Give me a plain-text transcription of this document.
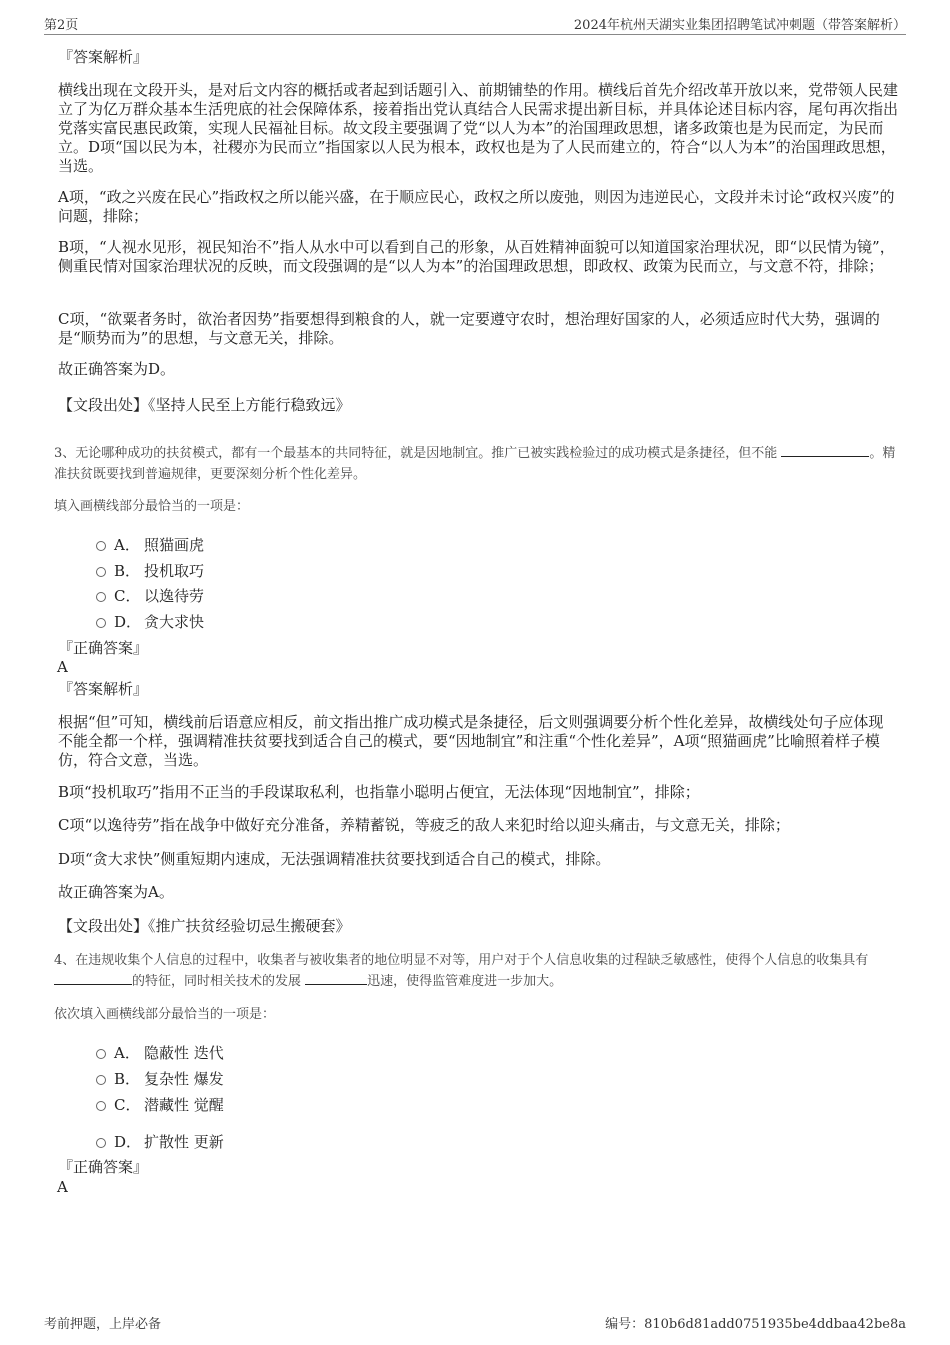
第2页	2024年杭州天湖实业集团招聘笔试冲刺题（带答案解析）
『答案解析』
横线出现在文段开头，是对后文内容的概括或者起到话题引入、前期铺垫的作用。横线后首先介绍改革开放以来，党带领人民建立了为亿万群众基本生活兜底的社会保障体系，接着指出党认真结合人民需求提出新目标，并具体论述目标内容，尾句再次指出党落实富民惠民政策，实现人民福祉目标。故文段主要强调了党“以人为本”的治国理政思想，诸多政策也是为民而定，为民而立。D项“国以民为本，社稷亦为民而立”指国家以人民为根本，政权也是为了人民而建立的，符合“以人为本”的治国理政思想，当选。
A项，“政之兴废在民心”指政权之所以能兴盛，在于顺应民心，政权之所以废弛，则因为违逆民心，文段并未讨论“政权兴废”的问题，排除；
B项，“人视水见形，视民知治不”指人从水中可以看到自己的形象，从百姓精神面貌可以知道国家治理状况，即“以民情为镜”，侧重民情对国家治理状况的反映，而文段强调的是“以人为本”的治国理政思想，即政权、政策为民而立，与文意不符，排除；
C项，“欲粟者务时，欲治者因势”指要想得到粮食的人，就一定要遵守农时，想治理好国家的人，必须适应时代大势，强调的是“顺势而为”的思想，与文意无关，排除。
故正确答案为D。
【文段出处】《坚持人民至上方能行稳致远》
3、无论哪种成功的扶贫模式，都有一个最基本的共同特征，就是因地制宜。推广已被实践检验过的成功模式是条捷径，但不能	。精准扶贫既要找到普遍规律，更要深刻分析个性化差异。
填入画横线部分最恰当的一项是：
A． 照猫画虎
B． 投机取巧
C． 以逸待劳
D． 贪大求快
『正确答案』
A
『答案解析』
根据“但”可知，横线前后语意应相反，前文指出推广成功模式是条捷径，后文则强调要分析个性化差异，故横线处句子应体现不能全都一个样，强调精准扶贫要找到适合自己的模式，要“因地制宜”和注重“个性化差异”，A项“照猫画虎”比喻照着样子模仿，符合文意，当选。
B项“投机取巧”指用不正当的手段谋取私利，也指靠小聪明占便宜，无法体现“因地制宜”，排除；
C项“以逸待劳”指在战争中做好充分准备，养精蓄锐，等疲乏的敌人来犯时给以迎头痛击，与文意无关，排除；
D项“贪大求快”侧重短期内速成，无法强调精准扶贫要找到适合自己的模式，排除。
故正确答案为A。
【文段出处】《推广扶贫经验切忌生搬硬套》
4、在违规收集个人信息的过程中，收集者与被收集者的地位明显不对等，用户对于个人信息收集的过程缺乏敏感性，使得个人信息的收集具有 的特征，同时相关技术的发展	迅速，使得监管难度进一步加大。
依次填入画横线部分最恰当的一项是：
A． 隐蔽性 迭代
B． 复杂性 爆发
C． 潜藏性 觉醒
D． 扩散性 更新
『正确答案』
A
考前押题，上岸必备	编号：810b6d81add0751935be4ddbaa42be8a
